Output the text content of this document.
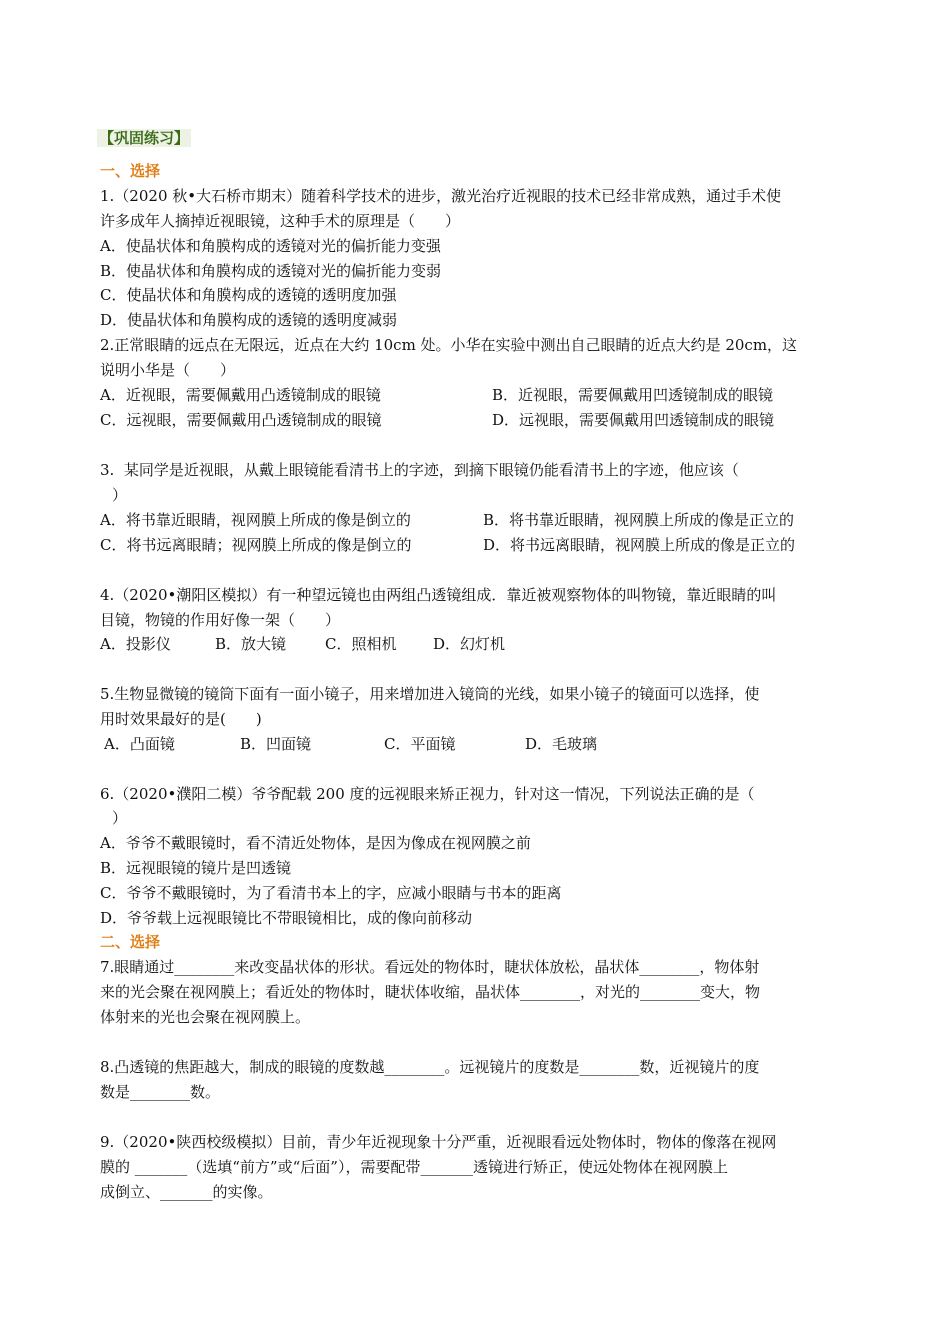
【巩固练习】
一、选择
1.（2020 秋•大石桥市期末）随着科学技术的进步，激光治疗近视眼的技术已经非常成熟，通过手术使
许多成年人摘掉近视眼镜，这种手术的原理是（　　）
A．使晶状体和角膜构成的透镜对光的偏折能力变强
B．使晶状体和角膜构成的透镜对光的偏折能力变弱
C．使晶状体和角膜构成的透镜的透明度加强
D．使晶状体和角膜构成的透镜的透明度减弱
2.正常眼睛的远点在无限远，近点在大约 10cm 处。小华在实验中测出自己眼睛的近点大约是 20cm，这
说明小华是（　　）
A．近视眼，需要佩戴用凸透镜制成的眼镜	B．近视眼，需要佩戴用凹透镜制成的眼镜
C．远视眼，需要佩戴用凸透镜制成的眼镜	D．远视眼，需要佩戴用凹透镜制成的眼镜
3.  某同学是近视眼，从戴上眼镜能看清书上的字迹，到摘下眼镜仍能看清书上的字迹，他应该（
）
A．将书靠近眼睛，视网膜上所成的像是倒立的	B．将书靠近眼睛，视网膜上所成的像是正立的
C．将书远离眼睛；视网膜上所成的像是倒立的	D．将书远离眼睛，视网膜上所成的像是正立的
4.（2020•潮阳区模拟）有一种望远镜也由两组凸透镜组成．靠近被观察物体的叫物镜，靠近眼睛的叫
目镜，物镜的作用好像一架（　　）
A．投影仪	B．放大镜	C．照相机 D．幻灯机
5.生物显微镜的镜筒下面有一面小镜子，用来增加进入镜筒的光线，如果小镜子的镜面可以选择，使
用时效果最好的是(　　)
A．凸面镜	B．凹面镜	C．平面镜	D．毛玻璃
6.（2020•濮阳二模）爷爷配载 200 度的远视眼来矫正视力，针对这一情况，下列说法正确的是（
）
A．爷爷不戴眼镜时，看不清近处物体，是因为像成在视网膜之前
B．远视眼镜的镜片是凹透镜
C．爷爷不戴眼镜时，为了看清书本上的字，应减小眼睛与书本的距离
D．爷爷载上远视眼镜比不带眼镜相比，成的像向前移动
二、选择
7.眼睛通过________来改变晶状体的形状。看远处的物体时，睫状体放松，晶状体________，物体射
来的光会聚在视网膜上；看近处的物体时，睫状体收缩，晶状体________，对光的________变大，物
体射来的光也会聚在视网膜上。
8.凸透镜的焦距越大，制成的眼镜的度数越________。远视镜片的度数是________数，近视镜片的度
数是________数。
9.（2020•陕西校级模拟）目前，青少年近视现象十分严重，近视眼看远处物体时，物体的像落在视网
膜的 _______（选填“前方”或“后面”），需要配带_______透镜进行矫正，使远处物体在视网膜上
成倒立、_______的实像。
